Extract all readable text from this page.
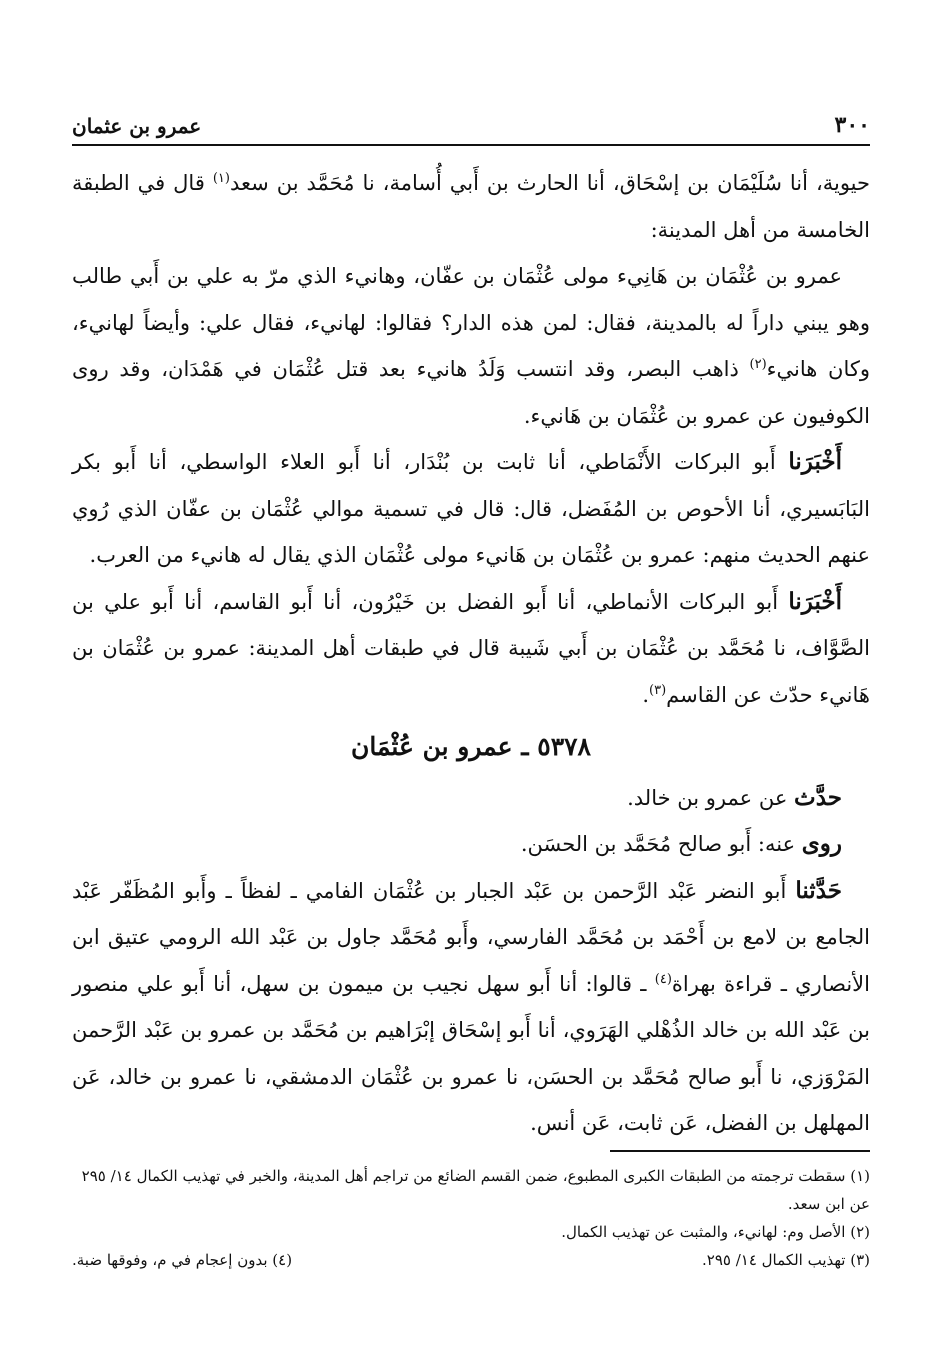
٣٠٠
عمرو بن عثمان

حيوية، أنا سُلَيْمَان بن إسْحَاق، أنا الحارث بن أَبي أُسامة، نا مُحَمَّد بن سعد$^{(١)}$ قال في الطبقة الخامسة من أهل المدينة:

عمرو بن عُثْمَان بن هَانِيء مولى عُثْمَان بن عفّان، وهانيء الذي مرّ به علي بن أَبي طالب وهو يبني داراً له بالمدينة، فقال: لمن هذه الدار؟ فقالوا: لهانيء، فقال علي: وأيضاً لهانيء، وكان هانيء$^{(٢)}$ ذاهب البصر، وقد انتسب وَلَدُ هانيء بعد قتل عُثْمَان في هَمْدَان، وقد روى الكوفيون عن عمرو بن عُثْمَان بن هَانيء.

أَخْبَرَنا أَبو البركات الأَنْمَاطي، أنا ثابت بن بُنْدَار، أنا أَبو العلاء الواسطي، أنا أَبو بكر البَابَسيري، أنا الأحوص بن المُفَضل، قال: قال في تسمية موالي عُثْمَان بن عفّان الذي رُوي عنهم الحديث منهم: عمرو بن عُثْمَان بن هَانيء مولى عُثْمَان الذي يقال له هانيء من العرب.

أَخْبَرَنا أَبو البركات الأنماطي، أنا أَبو الفضل بن خَيْرُون، أنا أَبو القاسم، أنا أَبو علي بن الصَّوَّاف، نا مُحَمَّد بن عُثْمَان بن أَبي شَيبة قال في طبقات أهل المدينة: عمرو بن عُثْمَان بن هَانيء حدّث عن القاسم$^{(٣)}$.

٥٣٧٨ ـ عمرو بن عُثْمَان

حدَّث عن عمرو بن خالد.

روى عنه: أَبو صالح مُحَمَّد بن الحسَن.

حَدَّثنا أَبو النضر عَبْد الرَّحمن بن عَبْد الجبار بن عُثْمَان الفامي ـ لفظاً ـ وأَبو المُظَفّر عَبْد الجامع بن لامع بن أَحْمَد بن مُحَمَّد الفارسي، وأَبو مُحَمَّد جاول بن عَبْد الله الرومي عتيق ابن الأنصاري ـ قراءة بهراة$^{(٤)}$ ـ قالوا: أنا أَبو سهل نجيب بن ميمون بن سهل، أنا أَبو علي منصور بن عَبْد الله بن خالد الذُهْلي الهَرَوي، أنا أَبو إسْحَاق إبْرَاهيم بن مُحَمَّد بن عمرو بن عَبْد الرَّحمن المَرْوَزي، نا أَبو صالح مُحَمَّد بن الحسَن، نا عمرو بن عُثْمَان الدمشقي، نا عمرو بن خالد، عَن المهلهل بن الفضل، عَن ثابت، عَن أنس.

(١) سقطت ترجمته من الطبقات الكبرى المطبوع، ضمن القسم الضائع من تراجم أهل المدينة، والخبر في تهذيب الكمال ١٤/ ٢٩٥ عن ابن سعد.

(٢) الأصل وم: لهانيء، والمثبت عن تهذيب الكمال.

(٣) تهذيب الكمال ١٤/ ٢٩٥.
(٤) بدون إعجام في م، وفوقها ضبة.
